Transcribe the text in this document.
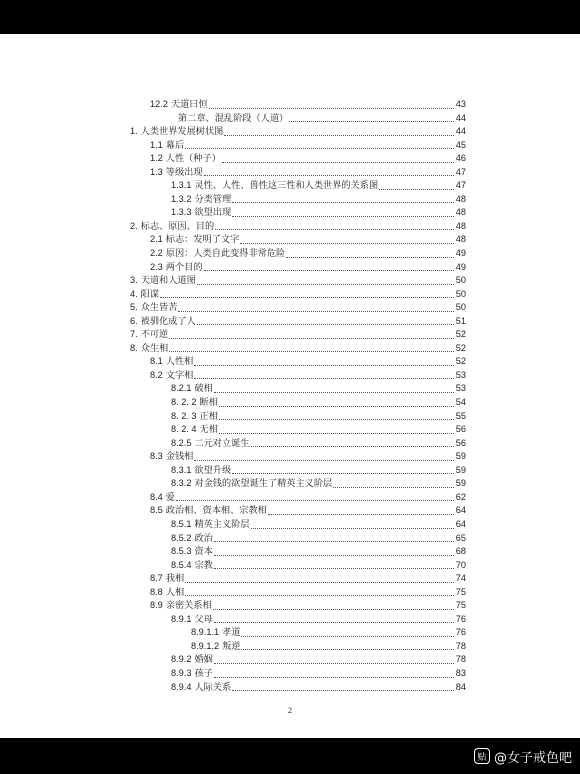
12.2 天道曰恒	43
第二章、混乱阶段（人道）	44
1. 人类世界发展树状图	44
1.1 幕后	45
1.2 人性（种子）	46
1.3 等级出现	47
1.3.1 灵性、人性、兽性这三性和人类世界的关系图	47
1.3.2 分类管理	48
1.3.3 欲望出现	48
2. 标志、原因、目的	48
2.1 标志：发明了文字	48
2.2 原因：人类自此变得非常危险	49
2.3 两个目的	49
3. 天道和人道图	50
4. 阳谋	50
5. 众生皆苦	50
6. 被驯化成了人	51
7. 不可逆	52
8. 众生相	52
8.1 人性相	52
8.2 文字相	53
8.2.1 破相	53
8. 2. 2 断相	54
8. 2. 3 正相	55
8. 2. 4 无相	56
8.2.5 二元对立诞生	56
8.3 金钱相	59
8.3.1 欲望升级	59
8.3.2 对金钱的欲望诞生了精英主义阶层	59
8.4 爱	62
8.5 政治相、资本相、宗教相	64
8.5.1 精英主义阶层	64
8.5.2 政治	65
8.5.3 资本	68
8.5.4 宗教	70
8.7 我相	74
8.8 人相	75
8.9 亲密关系相	75
8.9.1 父母	76
8.9.1.1 孝道	76
8.9.1.2 叛逆	78
8.9.2 婚姻	78
8.9.3 孩子	83
8.9.4 人际关系	84
2
贴 @女子戒色吧
